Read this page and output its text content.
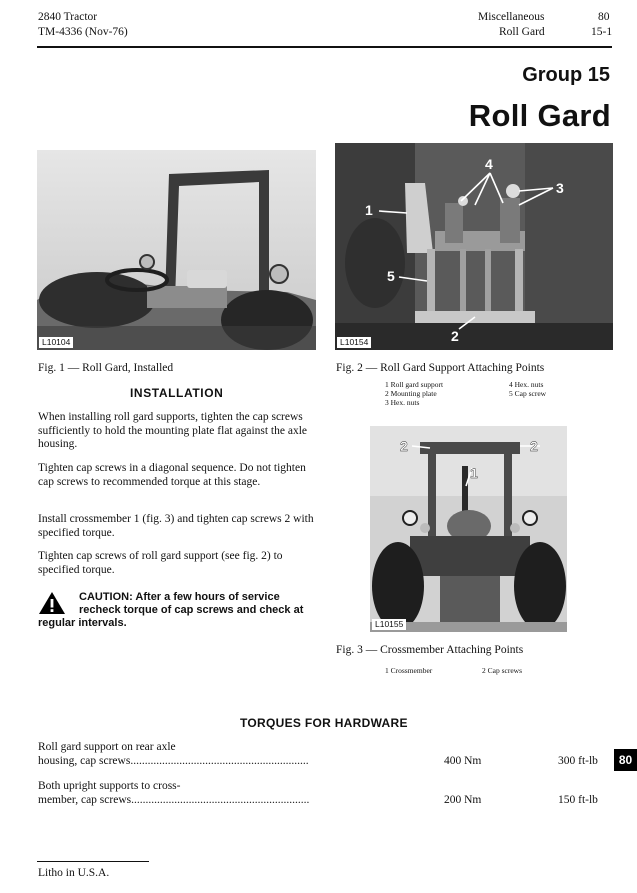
2840 Tractor
TM-4336 (Nov-76)
Miscellaneous
Roll Gard
80
15-1
Group 15
Roll Gard
L10104
Fig. 1 — Roll Gard, Installed
1
4
3
5
2
L10154
Fig. 2 — Roll Gard Support Attaching Points
1 Roll gard support
2 Mounting plate
3 Hex. nuts
4 Hex. nuts
5 Cap screw
2	2
1
L10155
Fig. 3 — Crossmember Attaching Points
1 Crossmember	2 Cap screws
INSTALLATION
When installing roll gard supports, tighten the cap screws sufficiently to hold the mounting plate flat against the axle housing.
Tighten cap screws in a diagonal sequence. Do not tighten cap screws to recommended torque at this stage.
Install crossmember 1 (fig. 3) and tighten cap screws 2 with specified torque.
Tighten cap screws of roll gard support (see fig. 2) to specified torque.
CAUTION: After a few hours of service
recheck torque of cap screws and check at
regular intervals.
TORQUES FOR HARDWARE
Roll gard support on rear axle
housing, cap screws..............................................................	400 Nm	300 ft-lb
Both upright supports to cross-
member, cap screws..............................................................	200 Nm	150 ft-lb
80
Litho in U.S.A.
